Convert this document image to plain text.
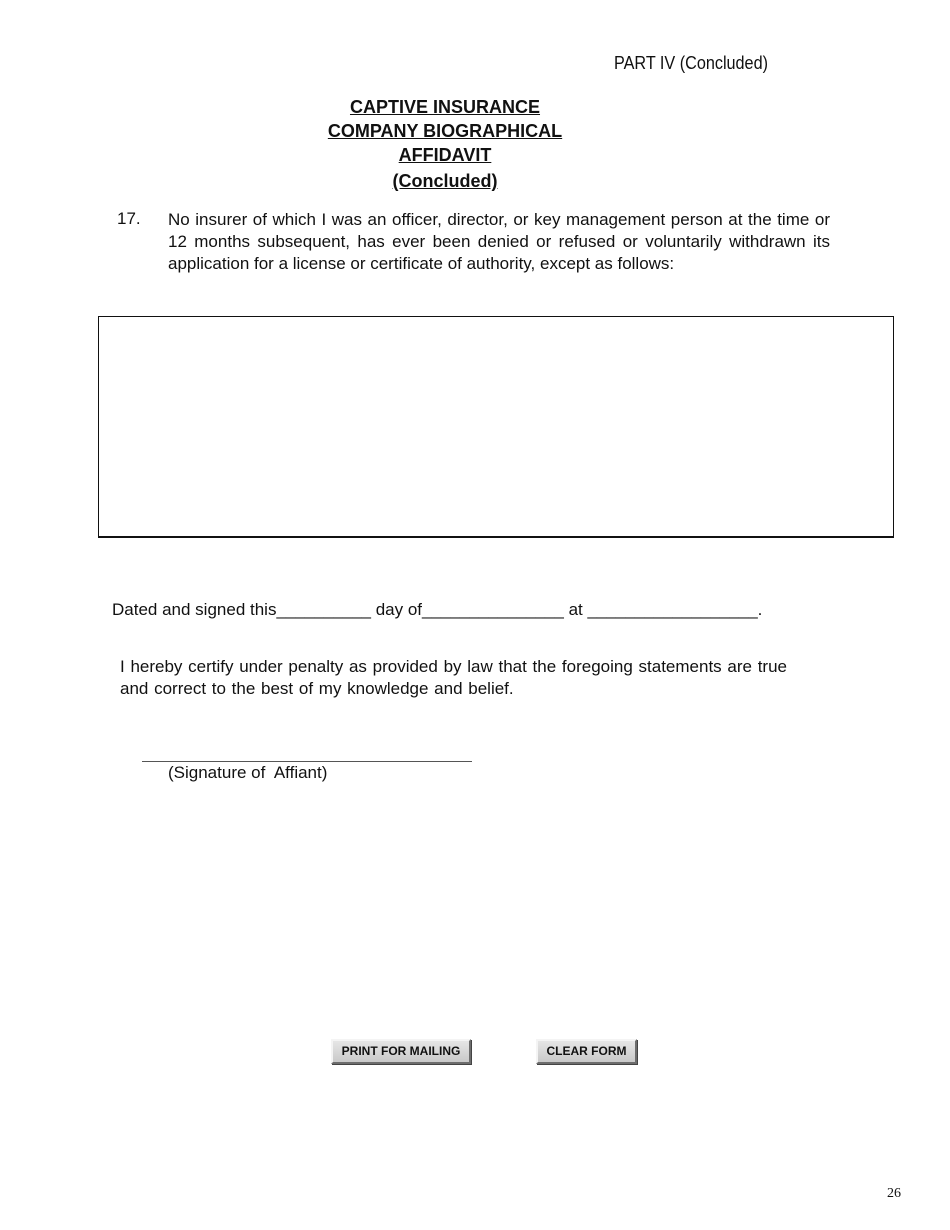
PART IV (Concluded)
CAPTIVE INSURANCE
COMPANY BIOGRAPHICAL
AFFIDAVIT
(Concluded)
17. No insurer of which I was an officer, director, or key management person at the time or 12 months subsequent, has ever been denied or refused or voluntarily withdrawn its application for a license or certificate of authority, except as follows:
Dated and signed this__________ day of_______________ at __________________.
I hereby certify under penalty as provided by law that the foregoing statements are true and correct to the best of my knowledge and belief.
(Signature of  Affiant)
PRINT FOR MAILING	CLEAR FORM
26
